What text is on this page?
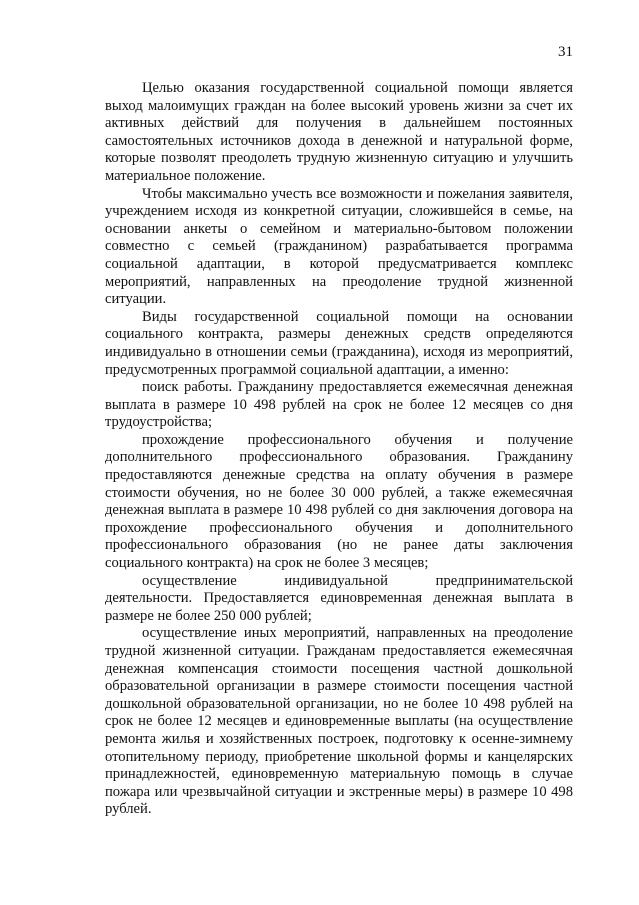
31

Целью оказания государственной социальной помощи является выход малоимущих граждан на более высокий уровень жизни за счет их активных действий для получения в дальнейшем постоянных самостоятельных источников дохода в денежной и натуральной форме, которые позволят преодолеть трудную жизненную ситуацию и улучшить материальное положение.

Чтобы максимально учесть все возможности и пожелания заявителя, учреждением исходя из конкретной ситуации, сложившейся в семье, на основании анкеты о семейном и материально-бытовом положении совместно с семьей (гражданином) разрабатывается программа социальной адаптации, в которой предусматривается комплекс мероприятий, направленных на преодоление трудной жизненной ситуации.

Виды государственной социальной помощи на основании социального контракта, размеры денежных средств определяются индивидуально в отношении семьи (гражданина), исходя из мероприятий, предусмотренных программой социальной адаптации, а именно:

поиск работы. Гражданину предоставляется ежемесячная денежная выплата в размере 10 498 рублей на срок не более 12 месяцев со дня трудоустройства;

прохождение профессионального обучения и получение дополнительного профессионального образования. Гражданину предоставляются денежные средства на оплату обучения в размере стоимости обучения, но не более 30 000 рублей, а также ежемесячная денежная выплата в размере 10 498 рублей со дня заключения договора на прохождение профессионального обучения и дополнительного профессионального образования (но не ранее даты заключения социального контракта) на срок не более 3 месяцев;

осуществление индивидуальной предпринимательской деятельности. Предоставляется единовременная денежная выплата в размере не более 250 000 рублей;

осуществление иных мероприятий, направленных на преодоление трудной жизненной ситуации. Гражданам предоставляется ежемесячная денежная компенсация стоимости посещения частной дошкольной образовательной организации в размере стоимости посещения частной дошкольной образовательной организации, но не более 10 498 рублей на срок не более 12 месяцев и единовременные выплаты (на осуществление ремонта жилья и хозяйственных построек, подготовку к осенне-зимнему отопительному периоду, приобретение школьной формы и канцелярских принадлежностей, единовременную материальную помощь в случае пожара или чрезвычайной ситуации и экстренные меры) в размере 10 498 рублей.
